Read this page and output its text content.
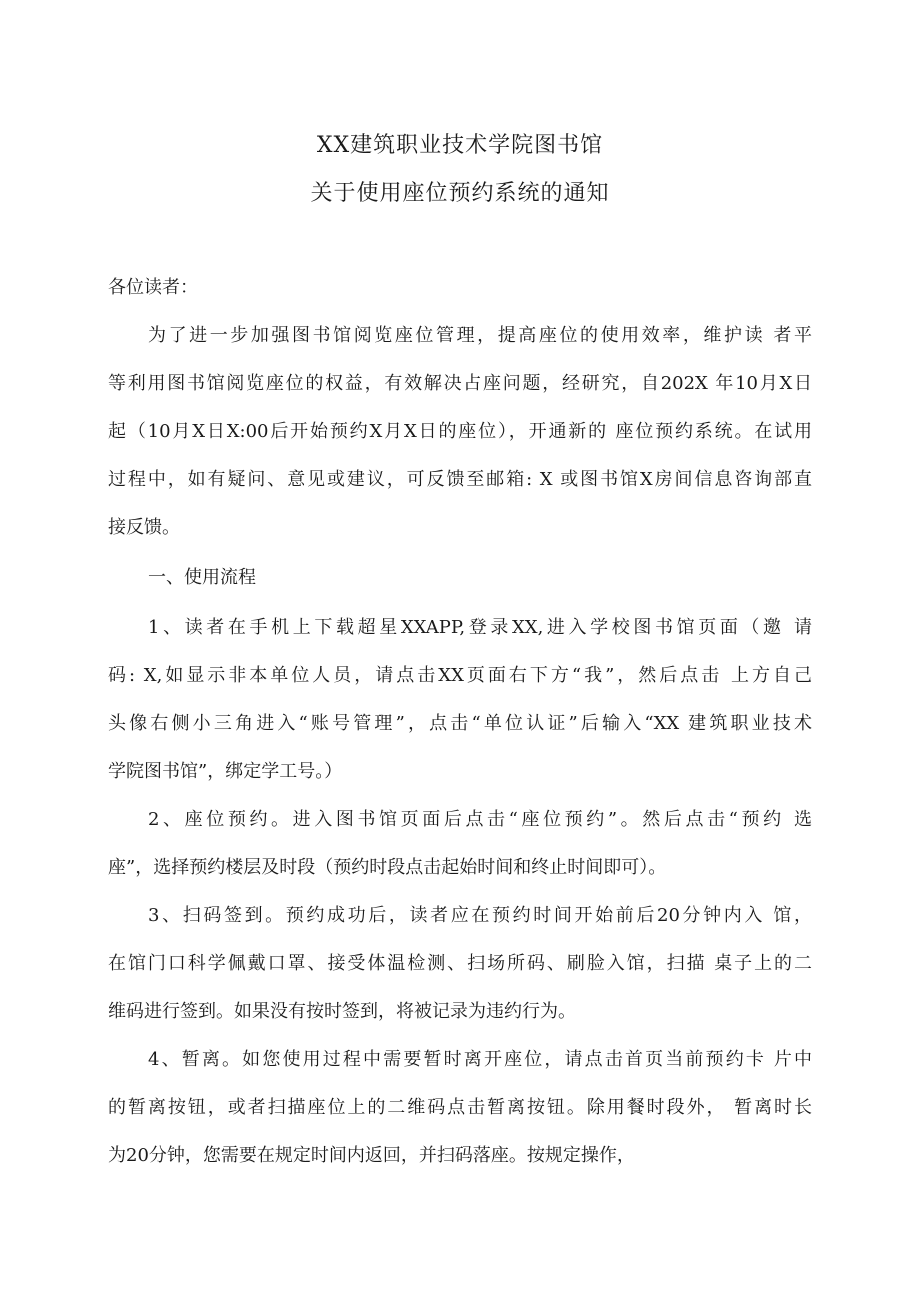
XX建筑职业技术学院图书馆
关于使用座位预约系统的通知
各位读者：
为了进一步加强图书馆阅览座位管理，提高座位的使用效率，维护读 者平
等利用图书馆阅览座位的权益，有效解决占座问题，经研究，自202X 年10月X日
起（10月X日X:00后开始预约X月X日的座位），开通新的 座位预约系统。在试用
过程中，如有疑问、意见或建议，可反馈至邮箱: X 或图书馆X房间信息咨询部直
接反馈。
一、使用流程
1、读者在手机上下载超星XXAPP,登录XX,进入学校图书馆页面（邀 请
码: X,如显示非本单位人员，请点击XX页面右下方“我”，然后点击 上方自己
头像右侧小三角进入“账号管理”，点击“单位认证”后输入“XX 建筑职业技术
学院图书馆”，绑定学工号。）
2、座位预约。进入图书馆页面后点击“座位预约”。然后点击“预约 选
座”，选择预约楼层及时段（预约时段点击起始时间和终止时间即可）。
3、扫码签到。预约成功后，读者应在预约时间开始前后20分钟内入 馆，
在馆门口科学佩戴口罩、接受体温检测、扫场所码、刷脸入馆，扫描 桌子上的二
维码进行签到。如果没有按时签到，将被记录为违约行为。
4、暂离。如您使用过程中需要暂时离开座位，请点击首页当前预约卡 片中
的暂离按钮，或者扫描座位上的二维码点击暂离按钮。除用餐时段外， 暂离时长
为20分钟，您需要在规定时间内返回，并扫码落座。按规定操作，
